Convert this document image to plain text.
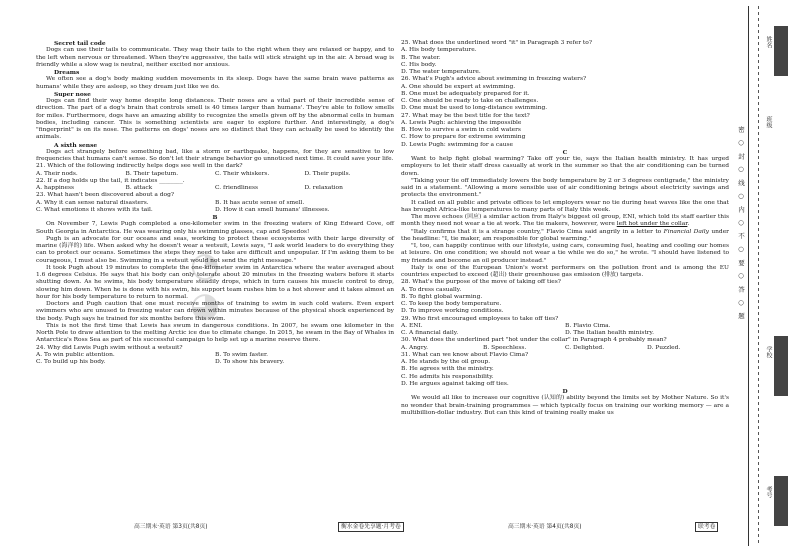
◔ ◕

Secret tail code

Dogs can use their tails to communicate. They wag their tails to the right when they are relaxed or happy, and to the left when nervous or threatened. When they're aggressive, the tails will stick straight up in the air. A broad wag is friendly while a slow wag is neutral, neither excited nor anxious.

Dreams

We often see a dog's body making sudden movements in its sleep. Dogs have the same brain wave patterns as humans' while they are asleep, so they dream just like we do.

Super nose

Dogs can find their way home despite long distances. Their noses are a vital part of their incredible sense of direction. The part of a dog's brain that controls smell is 40 times larger than humans'. They're able to follow smells for miles. Furthermore, dogs have an amazing ability to recognize the smells given off by the abnormal cells in human bodies, including cancer. This is something scientists are eager to explore further. And interestingly, a dog's "fingerprint" is on its nose. The patterns on dogs' noses are so distinct that they can actually be used to identify the animals.

A sixth sense

Dogs act strangely before something bad, like a storm or earthquake, happens, for they are sensitive to low frequencies that humans can't sense. So don't let their strange behavior go unnoticed next time. It could save your life.

21. Which of the following indirectly helps dogs see well in the dark?

A. Their nods.	B. Their tapetum.	C. Their whiskers.	D. Their pupils.

22. If a dog holds up the tail, it indicates ________.

A. happiness	B. attack	C. friendliness	D. relaxation

23. What hasn't been discovered about a dog?

A. Why it can sense natural disasters.	B. It has acute sense of smell.
C. What emotions it shows with its tail.	D. How it can smell humans' illnesses.

B

On November 7, Lewis Pugh completed a one-kilometer swim in the freezing waters of King Edward Cove, off South Georgia in Antarctica. He was wearing only his swimming glasses, cap and Speedos!

Pugh is an advocate for our oceans and seas, working to protect these ecosystems with their large diversity of marine (海洋的) life. When asked why he doesn't wear a wetsuit, Lewis says, "I ask world leaders to do everything they can to protect our oceans. Sometimes the steps they need to take are difficult and unpopular. If I'm asking them to be courageous, I must also be. Swimming in a wetsuit would not send the right message."

It took Pugh about 19 minutes to complete the one-kilometer swim in Antarctica where the water averaged about 1.6 degrees Celsius. He says that his body can only tolerate about 20 minutes in the freezing waters before it starts shutting down. As he swims, his body temperature steadily drops, which in turn causes his muscle control to drop, slowing him down. When he is done with his swim, his support team rushes him to a hot shower and it takes almost an hour for his body temperature to return to normal.

Doctors and Pugh caution that one must receive months of training to swim in such cold waters. Even expert swimmers who are unused to freezing water can drown within minutes because of the physical shock experienced by the body. Pugh says he trained for six months before this swim.

This is not the first time that Lewis has swum in dangerous conditions. In 2007, he swam one kilometer in the North Pole to draw attention to the melting Arctic ice due to climate change. In 2015, he swam in the Bay of Whales in Antarctica's Ross Sea as part of his successful campaign to help set up a marine reserve there.

24. Why did Lewis Pugh swim without a wetsuit?

A. To win public attention.	B. To swim faster.
C. To build up his body.	D. To show his bravery.

25. What does the underlined word "it" in Paragraph 3 refer to?

A. His body temperature.

B. The water.

C. His body.

D. The water temperature.

26. What's Pugh's advice about swimming in freezing waters?

A. One should be expert at swimming.

B. One must be adequately prepared for it.

C. One should be ready to take on challenges.

D. One must be used to long-distance swimming.

27. What may be the best title for the text?

A. Lewis Pugh: achieving the impossible

B. How to survive a swim in cold waters

C. How to prepare for extreme swimming

D. Lewis Pugh: swimming for a cause

C

Want to help fight global warming? Take off your tie, says the Italian health ministry. It has urged employers to let their staff dress casually at work in the summer so that the air conditioning can be turned down.

"Taking your tie off immediately lowers the body temperature by 2 or 3 degrees centigrade," the ministry said in a statement. "Allowing a more sensible use of air conditioning brings about electricity savings and protects the environment."

It called on all public and private offices to let employers wear no tie during heat waves like the one that has brought Africa-like temperatures to many parts of Italy this week.

The move echoes (回应) a similar action from Italy's biggest oil group, ENI, which told its staff earlier this month they need not wear a tie at work. The tie makers, however, were left hot under the collar.

"Italy confirms that it is a strange country," Flavio Cima said angrily in a letter to Financial Daily under the headline: "I, tie maker, am responsible for global warming."

"I, too, can happily continue with our lifestyle, using cars, consuming fuel, heating and cooling our homes at leisure. On one condition; we should not wear a tie while we do so," he wrote. "I should have listened to my friends and become an oil producer instead."

Italy is one of the European Union's worst performers on the pollution front and is among the EU countries expected to exceed (超出) their greenhouse gas emission (排放) targets.

28. What's the purpose of the move of taking off ties?

A. To dress casually.

B. To fight global warming.

C. To keep the body temperature.

D. To improve working conditions.

29. Who first encouraged employees to take off ties?

A. ENI.	B. Flavio Cima.
C. A financial daily.	D. The Italian health ministry.

30. What does the underlined part "hot under the collar" in Paragraph 4 probably mean?

A. Angry.	B. Speechless.	C. Delighted.	D. Puzzled.

31. What can we know about Flavio Cima?

A. He stands by the oil group.

B. He agrees with the ministry.

C. He admits his responsibility.

D. He argues against taking off ties.

D

We would all like to increase our cognitive (认知的) ability beyond the limits set by Mother Nature. So it's no wonder that brain-training programmes — which typically focus on training our working memory — are a multibillion-dollar industry. But can this kind of training really make us

高三期末·英语 第3页(共8页)	衡水金卷先享题·月考卷	高三期末·英语 第4页(共8页)	联考卷
密 ○ 封 ○ 线 ○ 内 ○ 不 ○ 要 ○ 答 ○ 题
姓名
班级
学校
考号
